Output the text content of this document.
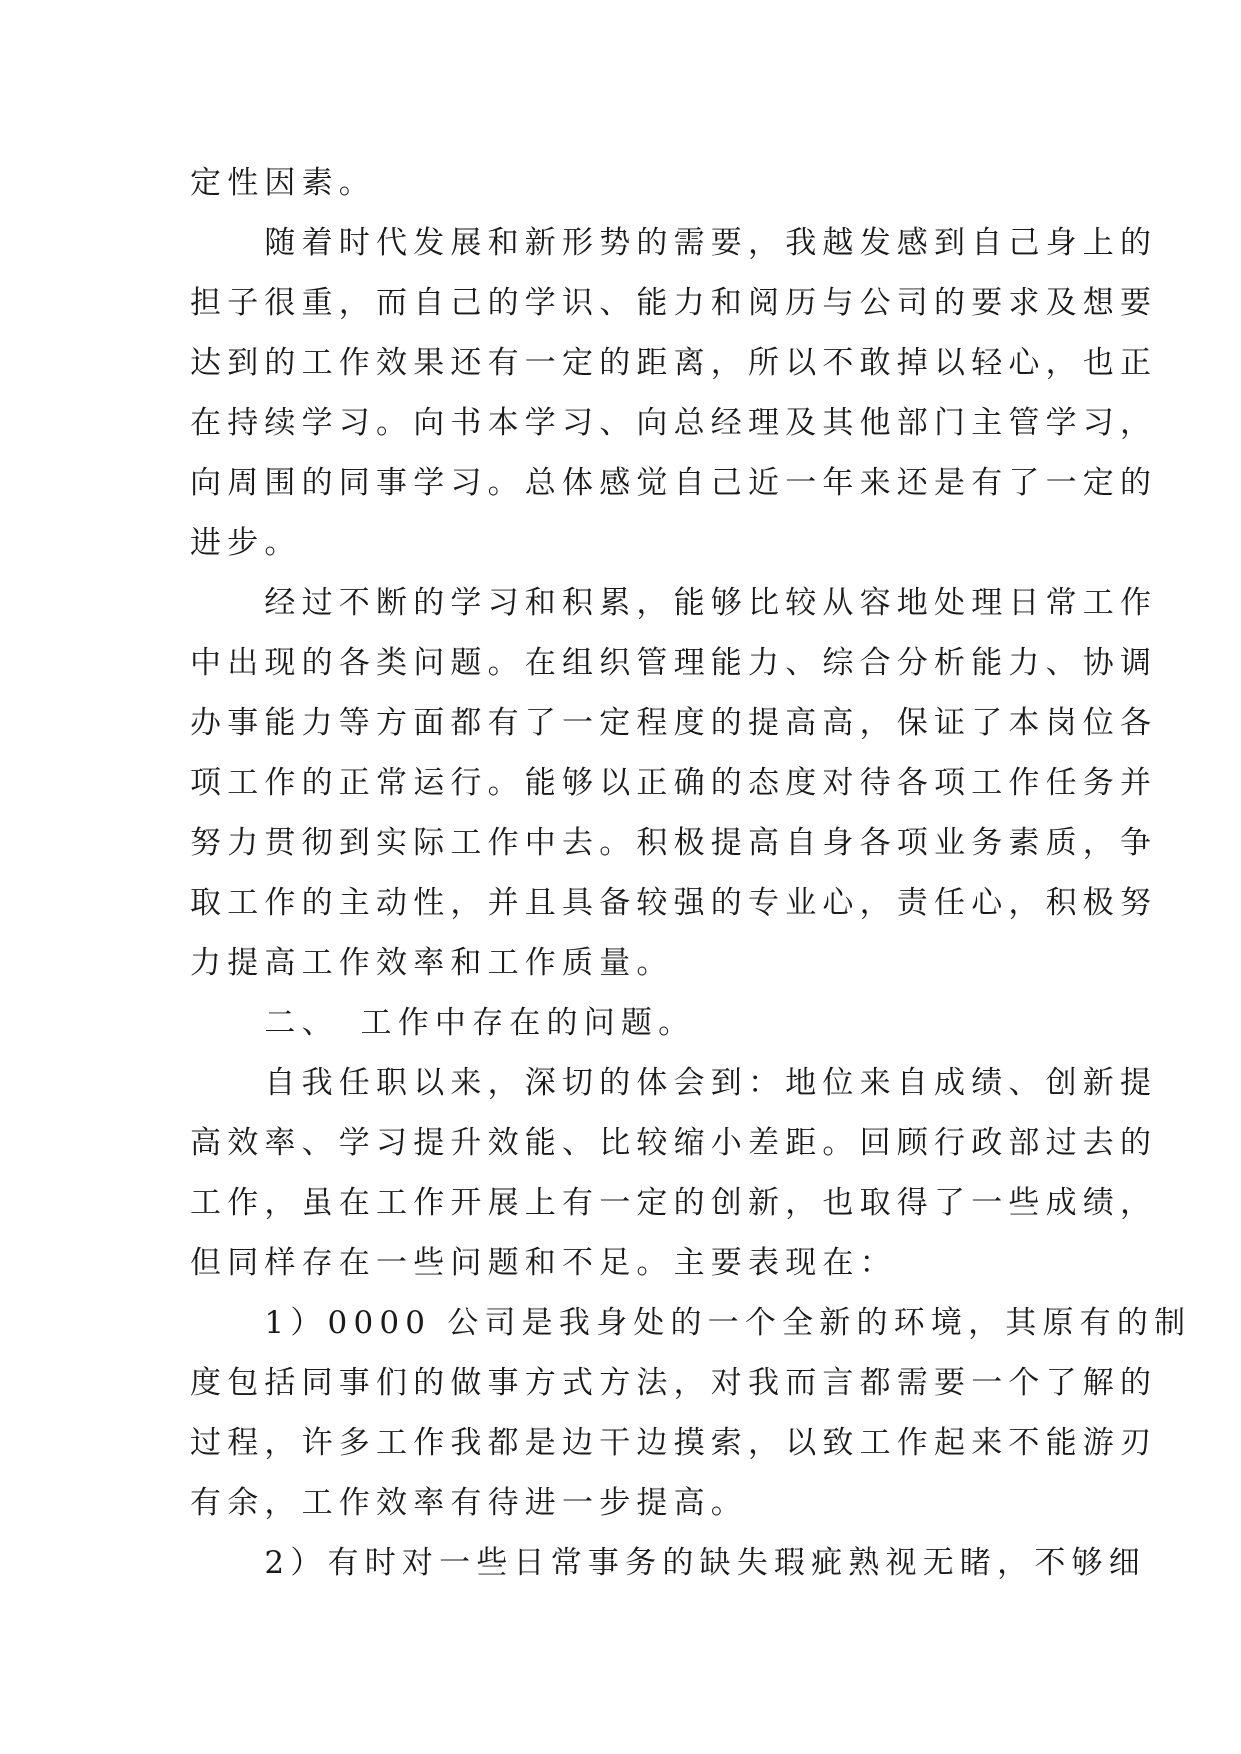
定性因素。
　　随着时代发展和新形势的需要，我越发感到自己身上的
担子很重，而自己的学识、能力和阅历与公司的要求及想要
达到的工作效果还有一定的距离，所以不敢掉以轻心，也正
在持续学习。向书本学习、向总经理及其他部门主管学习，
向周围的同事学习。总体感觉自己近一年来还是有了一定的
进步。
　　经过不断的学习和积累，能够比较从容地处理日常工作
中出现的各类问题。在组织管理能力、综合分析能力、协调
办事能力等方面都有了一定程度的提高高，保证了本岗位各
项工作的正常运行。能够以正确的态度对待各项工作任务并
努力贯彻到实际工作中去。积极提高自身各项业务素质，争
取工作的主动性，并且具备较强的专业心，责任心，积极努
力提高工作效率和工作质量。
　　二、　工作中存在的问题。
　　自我任职以来，深切的体会到：地位来自成绩、创新提
高效率、学习提升效能、比较缩小差距。回顾行政部过去的
工作，虽在工作开展上有一定的创新，也取得了一些成绩，
但同样存在一些问题和不足。主要表现在：
　　1）0000 公司是我身处的一个全新的环境，其原有的制
度包括同事们的做事方式方法，对我而言都需要一个了解的
过程，许多工作我都是边干边摸索，以致工作起来不能游刃
有余，工作效率有待进一步提高。
　　2）有时对一些日常事务的缺失瑕疵熟视无睹，不够细
